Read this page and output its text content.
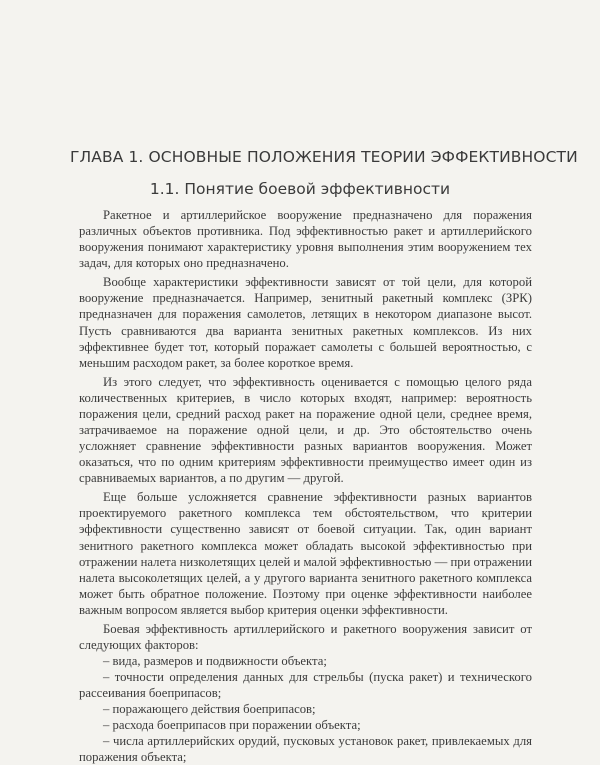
ГЛАВА 1. ОСНОВНЫЕ ПОЛОЖЕНИЯ ТЕОРИИ ЭФФЕКТИВНОСТИ
1.1. Понятие боевой эффективности

Ракетное и артиллерийское вооружение предназначено для поражения различных объектов противника. Под эффективностью ракет и артиллерийского вооружения понимают характеристику уровня выполнения этим вооружением тех задач, для которых оно предназначено.

Вообще характеристики эффективности зависят от той цели, для которой вооружение предназначается. Например, зенитный ракетный комплекс (ЗРК) предназначен для поражения самолетов, летящих в некотором диапазоне высот. Пусть сравниваются два варианта зенитных ракетных комплексов. Из них эффективнее будет тот, который поражает самолеты с большей вероятностью, с меньшим расходом ракет, за более короткое время.

Из этого следует, что эффективность оценивается с помощью целого ряда количественных критериев, в число которых входят, например: вероятность поражения цели, средний расход ракет на поражение одной цели, среднее время, затрачиваемое на поражение одной цели, и др. Это обстоятельство очень усложняет сравнение эффективности разных вариантов вооружения. Может оказаться, что по одним критериям эффективности преимущество имеет один из сравниваемых вариантов, а по другим — другой.

Еще больше усложняется сравнение эффективности разных вариантов проектируемого ракетного комплекса тем обстоятельством, что критерии эффективности существенно зависят от боевой ситуации. Так, один вариант зенитного ракетного комплекса может обладать высокой эффективностью при отражении налета низколетящих целей и малой эффективностью — при отражении налета высоколетящих целей, а у другого варианта зенитного ракетного комплекса может быть обратное положение. Поэтому при оценке эффективности наиболее важным вопросом является выбор критерия оценки эффективности.

Боевая эффективность артиллерийского и ракетного вооружения зависит от следующих факторов:

– вида, размеров и подвижности объекта;

– точности определения данных для стрельбы (пуска ракет) и технического рассеивания боеприпасов;

– поражающего действия боеприпасов;

– расхода боеприпасов при поражении объекта;

– числа артиллерийских орудий, пусковых установок ракет, привлекаемых для поражения объекта;
